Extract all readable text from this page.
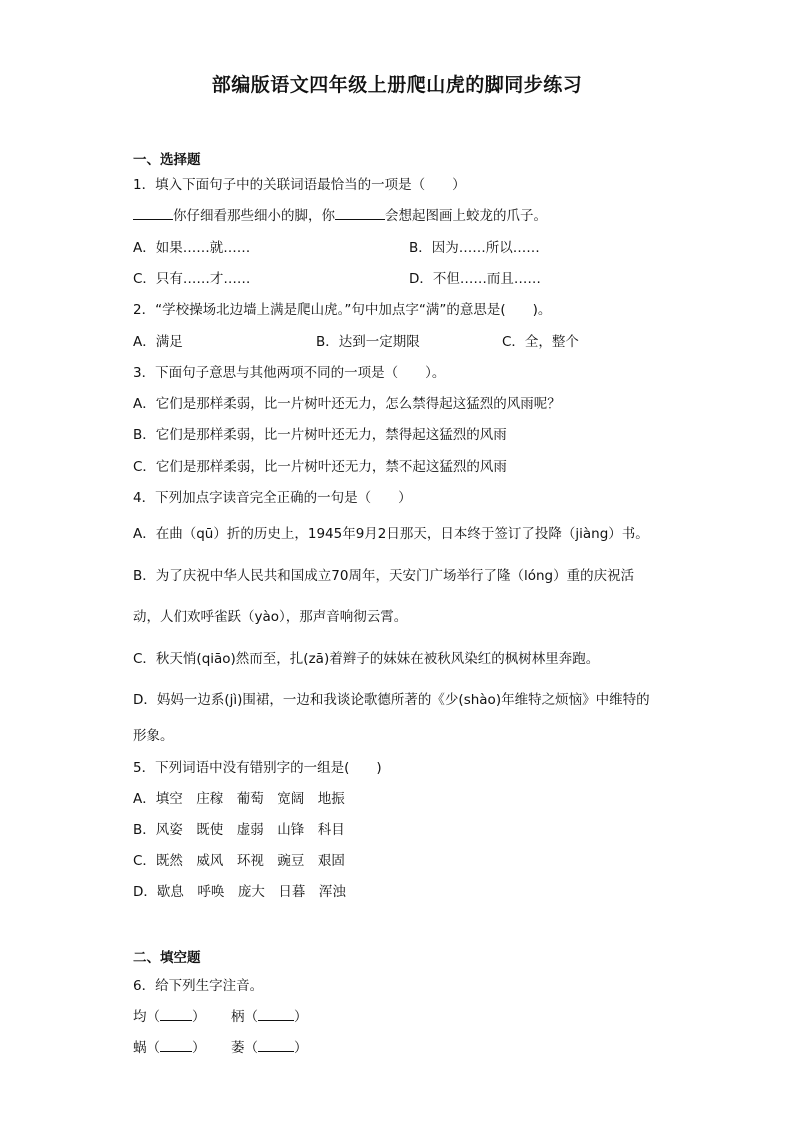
部编版语文四年级上册爬山虎的脚同步练习
一、选择题
1．填入下面句子中的关联词语最恰当的一项是（　　）
你仔细看那些细小的脚，你	会想起图画上蛟龙的爪子。
A．如果……就……	B．因为……所以……
C．只有……才……	D．不但……而且……
2．“学校操场北边墙上满是爬山虎。”句中加点字“满”的意思是(　　)。
A．满足	B．达到一定期限	C．全，整个
3．下面句子意思与其他两项不同的一项是（　　）。
A．它们是那样柔弱，比一片树叶还无力，怎么禁得起这猛烈的风雨呢？
B．它们是那样柔弱，比一片树叶还无力，禁得起这猛烈的风雨
C．它们是那样柔弱，比一片树叶还无力，禁不起这猛烈的风雨
4．下列加点字读音完全正确的一句是（　　）
A．在曲（qū）折的历史上，1945年9月2日那天，日本终于签订了投降（jiàng）书。
B．为了庆祝中华人民共和国成立70周年，天安门广场举行了隆（lóng）重的庆祝活
动，人们欢呼雀跃（yào），那声音响彻云霄。
C．秋天悄(qiāo)然而至，扎(zā)着辫子的妹妹在被秋风染红的枫树林里奔跑。
D．妈妈一边系(jì)围裙，一边和我谈论歌德所著的《少(shào)年维特之烦恼》中维特的
形象。
5．下列词语中没有错别字的一组是(　　)
A．填空　庄稼　葡萄　宽阔　地振
B．风姿　既使　虚弱　山锋　科目
C．既然　威风　环视　豌豆　艰固
D．歇息　呼唤　庞大　日暮　浑浊
二、填空题
6．给下列生字注音。
均（ ） 柄（	）
蜗（ ） 萎（	）
